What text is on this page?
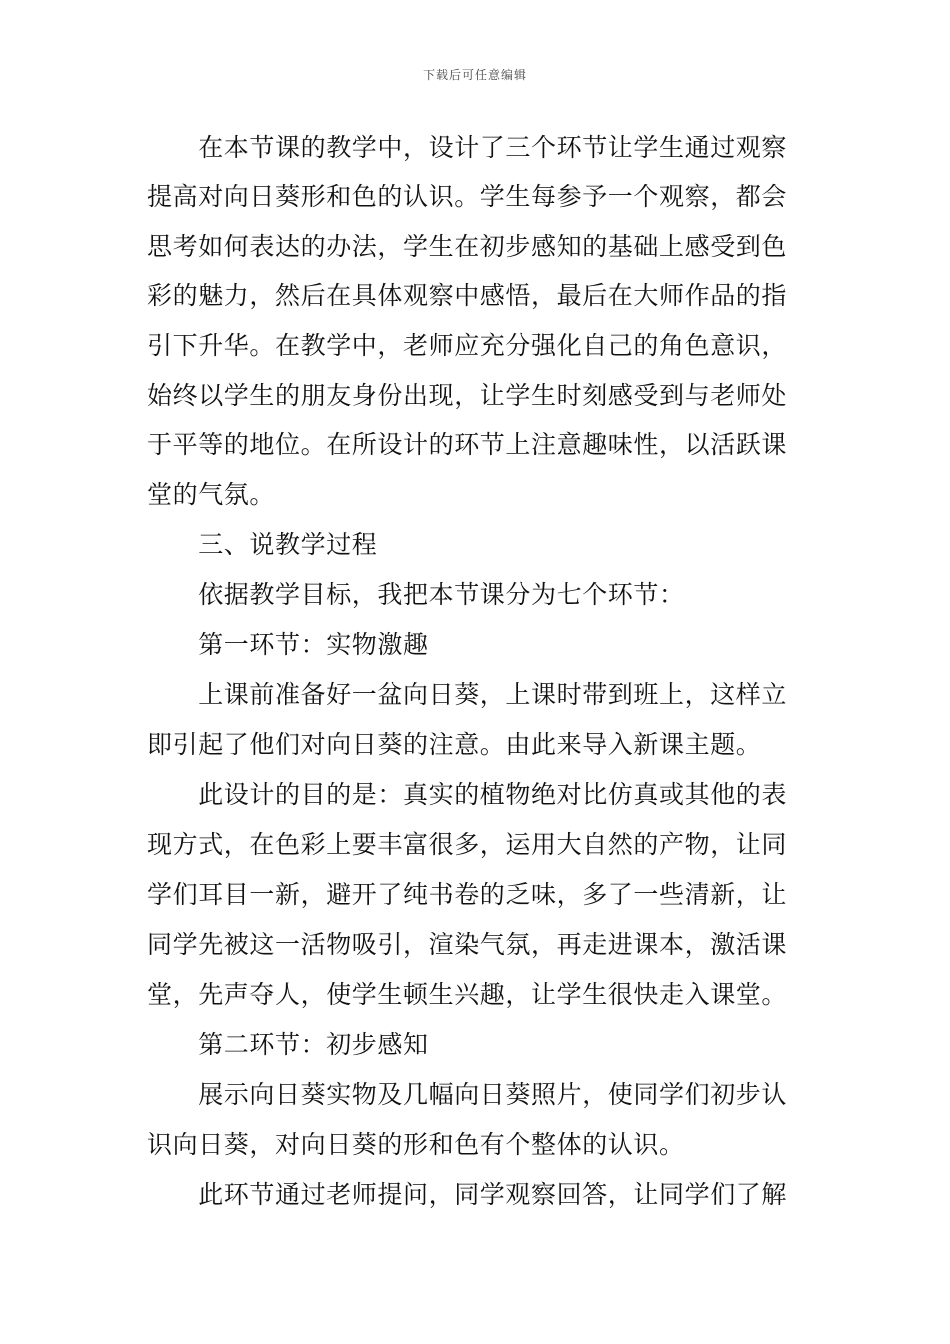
下载后可任意编辑
　　在本节课的教学中，设计了三个环节让学生通过观察
提高对向日葵形和色的认识。学生每参予一个观察，都会
思考如何表达的办法，学生在初步感知的基础上感受到色
彩的魅力，然后在具体观察中感悟，最后在大师作品的指
引下升华。在教学中，老师应充分强化自己的角色意识，
始终以学生的朋友身份出现，让学生时刻感受到与老师处
于平等的地位。在所设计的环节上注意趣味性，以活跃课
堂的气氛。
　　三、说教学过程
　　依据教学目标，我把本节课分为七个环节：
　　第一环节：实物激趣
　　上课前准备好一盆向日葵，上课时带到班上，这样立
即引起了他们对向日葵的注意。由此来导入新课主题。
　　此设计的目的是：真实的植物绝对比仿真或其他的表
现方式，在色彩上要丰富很多，运用大自然的产物，让同
学们耳目一新，避开了纯书卷的乏味，多了一些清新，让
同学先被这一活物吸引，渲染气氛，再走进课本，激活课
堂，先声夺人，使学生顿生兴趣，让学生很快走入课堂。
　　第二环节：初步感知
　　展示向日葵实物及几幅向日葵照片，使同学们初步认
识向日葵，对向日葵的形和色有个整体的认识。
　　此环节通过老师提问，同学观察回答，让同学们了解
